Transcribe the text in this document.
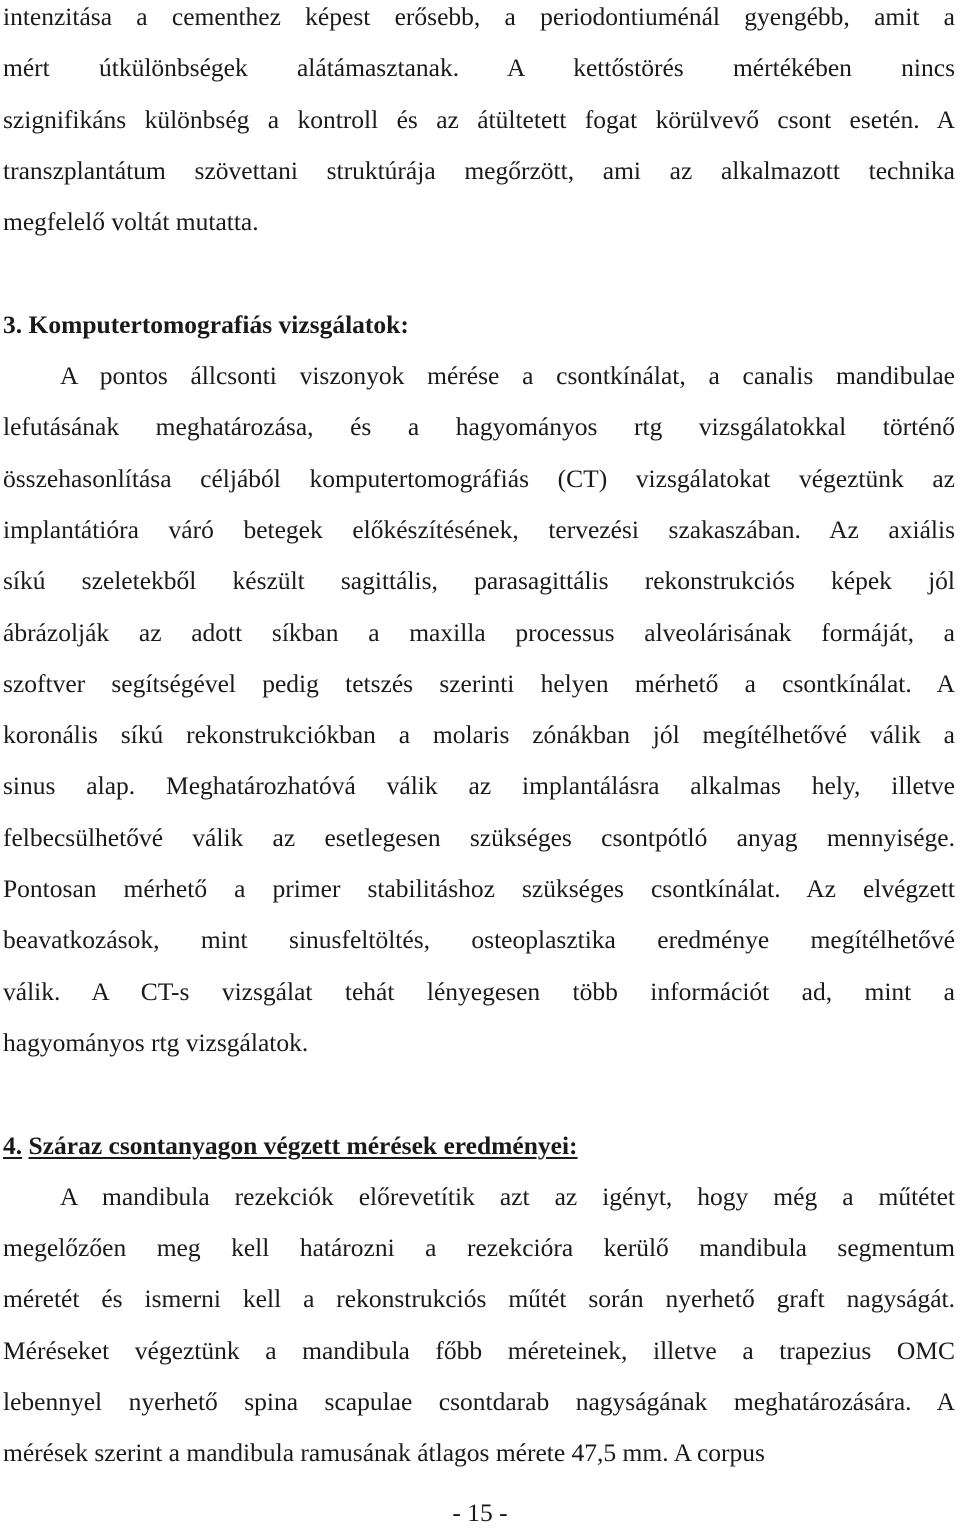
intenzitása a cementhez képest erősebb, a periodontiuménál gyengébb, amit a
mért útkülönbségek alátámasztanak. A kettőstörés mértékében nincs
szignifikáns különbség a kontroll és az átültetett fogat körülvevő csont esetén. A
transzplantátum szövettani struktúrája megőrzött, ami az alkalmazott technika
megfelelő voltát mutatta.
3. Komputertomografiás vizsgálatok:
A pontos állcsonti viszonyok mérése a csontkínálat, a canalis mandibulae
lefutásának meghatározása, és a hagyományos rtg vizsgálatokkal történő
összehasonlítása céljából komputertomográfiás (CT) vizsgálatokat végeztünk az
implantátióra váró betegek előkészítésének, tervezési szakaszában. Az axiális
síkú szeletekből készült sagittális, parasagittális rekonstrukciós képek jól
ábrázolják az adott síkban a maxilla processus alveolárisának formáját, a
szoftver segítségével pedig tetszés szerinti helyen mérhető a csontkínálat. A
koronális síkú rekonstrukciókban a molaris zónákban jól megítélhetővé válik a
sinus alap. Meghatározhatóvá válik az implantálásra alkalmas hely, illetve
felbecsülhetővé válik az esetlegesen szükséges csontpótló anyag mennyisége.
Pontosan mérhető a primer stabilitáshoz szükséges csontkínálat. Az elvégzett
beavatkozások, mint sinusfeltöltés, osteoplasztika eredménye megítélhetővé
válik. A CT-s vizsgálat tehát lényegesen több információt ad, mint a
hagyományos rtg vizsgálatok.
4. Száraz csontanyagon végzett mérések eredményei:
A mandibula rezekciók előrevetítik azt az igényt, hogy még a műtétet
megelőzően meg kell határozni a rezekcióra kerülő mandibula segmentum
méretét és ismerni kell a rekonstrukciós műtét során nyerhető graft nagyságát.
Méréseket végeztünk a mandibula főbb méreteinek, illetve a trapezius OMC
lebennyel nyerhető spina scapulae csontdarab nagyságának meghatározására. A
mérések szerint a mandibula ramusának átlagos mérete 47,5 mm. A corpus
- 15 -
